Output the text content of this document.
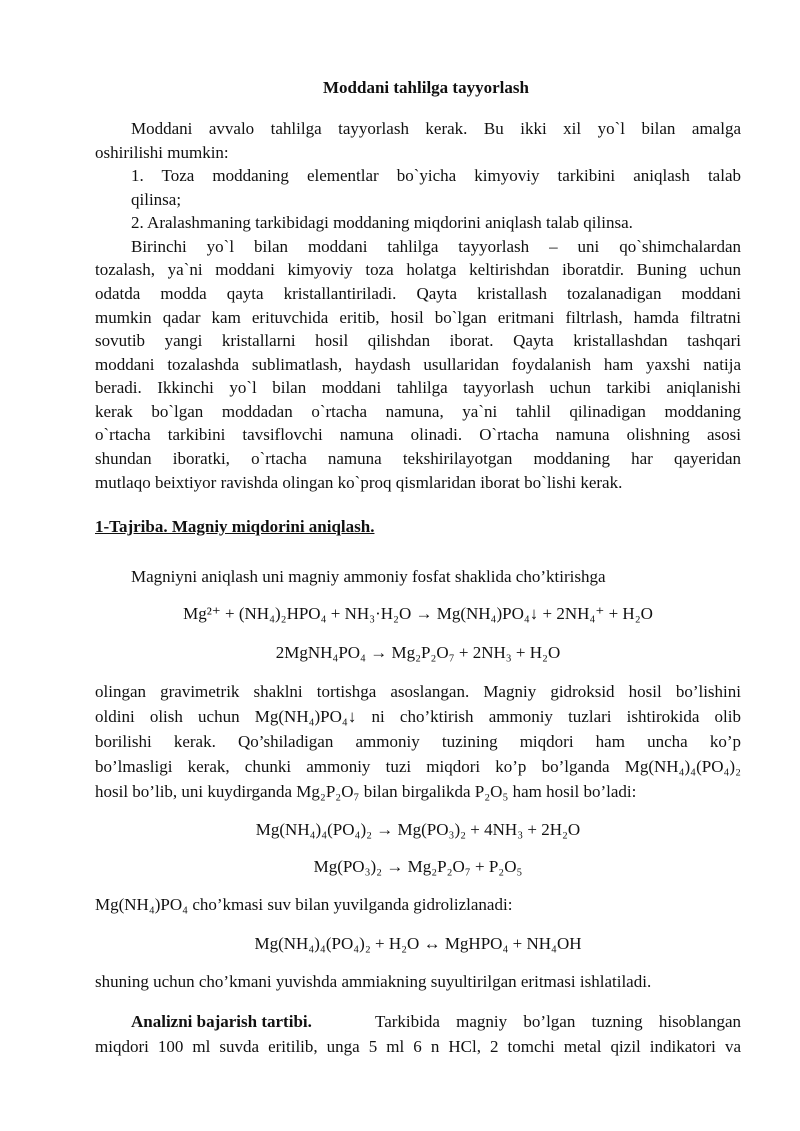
Moddani tahlilga tayyorlash
Moddani avvalo tahlilga tayyorlash kerak. Bu ikki xil yo`l bilan amalga
oshirilishi mumkin:
1. Toza moddaning elementlar bo`yicha kimyoviy tarkibini aniqlash talab
qilinsa;
2. Aralashmaning tarkibidagi moddaning miqdorini aniqlash talab qilinsa.
Birinchi yo`l bilan moddani tahlilga tayyorlash – uni qo`shimchalardan
tozalash, ya`ni moddani kimyoviy toza holatga keltirishdan iboratdir. Buning uchun
odatda modda qayta kristallantiriladi. Qayta kristallash tozalanadigan moddani
mumkin qadar kam erituvchida eritib, hosil bo`lgan eritmani filtrlash, hamda filtratni
sovutib yangi kristallarni hosil qilishdan iborat. Qayta kristallashdan tashqari
moddani tozalashda sublimatlash, haydash usullaridan foydalanish ham yaxshi natija
beradi. Ikkinchi yo`l bilan moddani tahlilga tayyorlash uchun tarkibi aniqlanishi
kerak bo`lgan moddadan o`rtacha namuna, ya`ni tahlil qilinadigan moddaning
o`rtacha tarkibini tavsiflovchi namuna olinadi. O`rtacha namuna olishning asosi
shundan iboratki, o`rtacha namuna tekshirilayotgan moddaning har qayeridan
mutlaqo beixtiyor ravishda olingan ko`proq qismlaridan iborat bo`lishi kerak.
1-Tajriba. Magniy miqdorini aniqlash.
Magniyni aniqlash uni magniy ammoniy fosfat shaklida cho’ktirishga
Mg²⁺ + (NH₄)₂HPO₄ + NH₃·H₂O → Mg(NH₄)PO₄↓ + 2NH₄⁺ + H₂O
2MgNH₄PO₄ → Mg₂P₂O₇ + 2NH₃ + H₂O
olingan gravimetrik shaklni tortishga asoslangan. Magniy gidroksid hosil bo’lishini
oldini olish uchun Mg(NH₄)PO₄↓ ni cho’ktirish ammoniy tuzlari ishtirokida olib
borilishi kerak. Qo’shiladigan ammoniy tuzining miqdori ham uncha ko’p
bo’lmasligi kerak, chunki ammoniy tuzi miqdori ko’p bo’lganda Mg(NH₄)₄(PO₄)₂
hosil bo’lib, uni kuydirganda Mg₂P₂O₇ bilan birgalikda P₂O₅ ham hosil bo’ladi:
Mg(NH₄)₄(PO₄)₂ → Mg(PO₃)₂ + 4NH₃ + 2H₂O
Mg(PO₃)₂ → Mg₂P₂O₇ + P₂O₅
Mg(NH₄)PO₄ cho’kmasi suv bilan yuvilganda gidrolizlanadi:
Mg(NH₄)₄(PO₄)₂ + H₂O ↔ MgHPO₄ + NH₄OH
shuning uchun cho’kmani yuvishda ammiakning suyultirilgan eritmasi ishlatiladi.
Analizni bajarish tartibi.	Tarkibida magniy bo’lgan tuzning hisoblangan
miqdori 100 ml suvda eritilib, unga 5 ml 6 n HCl, 2 tomchi metal qizil indikatori va
